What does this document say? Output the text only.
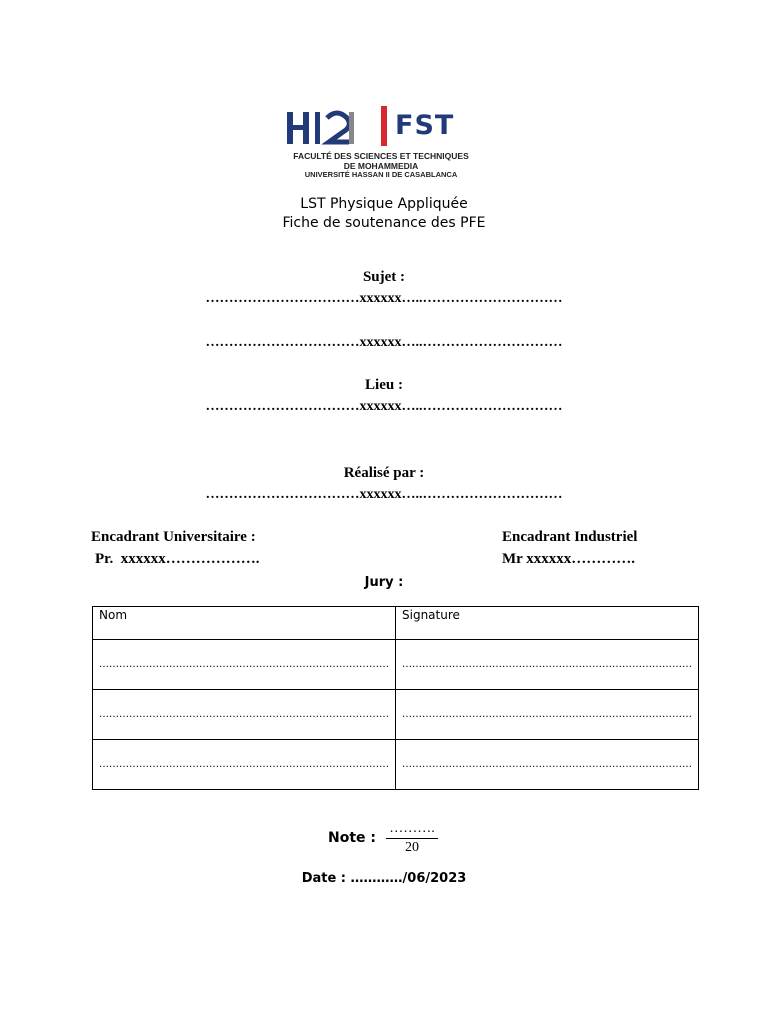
FST
FACULTÉ DES SCIENCES ET TECHNIQUES
DE MOHAMMEDIA
UNIVERSITÉ HASSAN II DE CASABLANCA
LST Physique Appliquée
Fiche de soutenance des PFE
Sujet :
……………………………xxxxxx…..…………………………
……………………………xxxxxx…..…………………………
Lieu :
……………………………xxxxxx…..…………………………
Réalisé par :
……………………………xxxxxx…..…………………………
Encadrant Universitaire :
Pr.  xxxxxx……………….
Encadrant Industriel
Mr xxxxxx………….
Jury :
Nom	Signature
……………………………………………………………………………	……………………………………………………………………………
……………………………………………………………………………	……………………………………………………………………………
……………………………………………………………………………	……………………………………………………………………………
Note :
……….
20
Date : …………/06/2023
